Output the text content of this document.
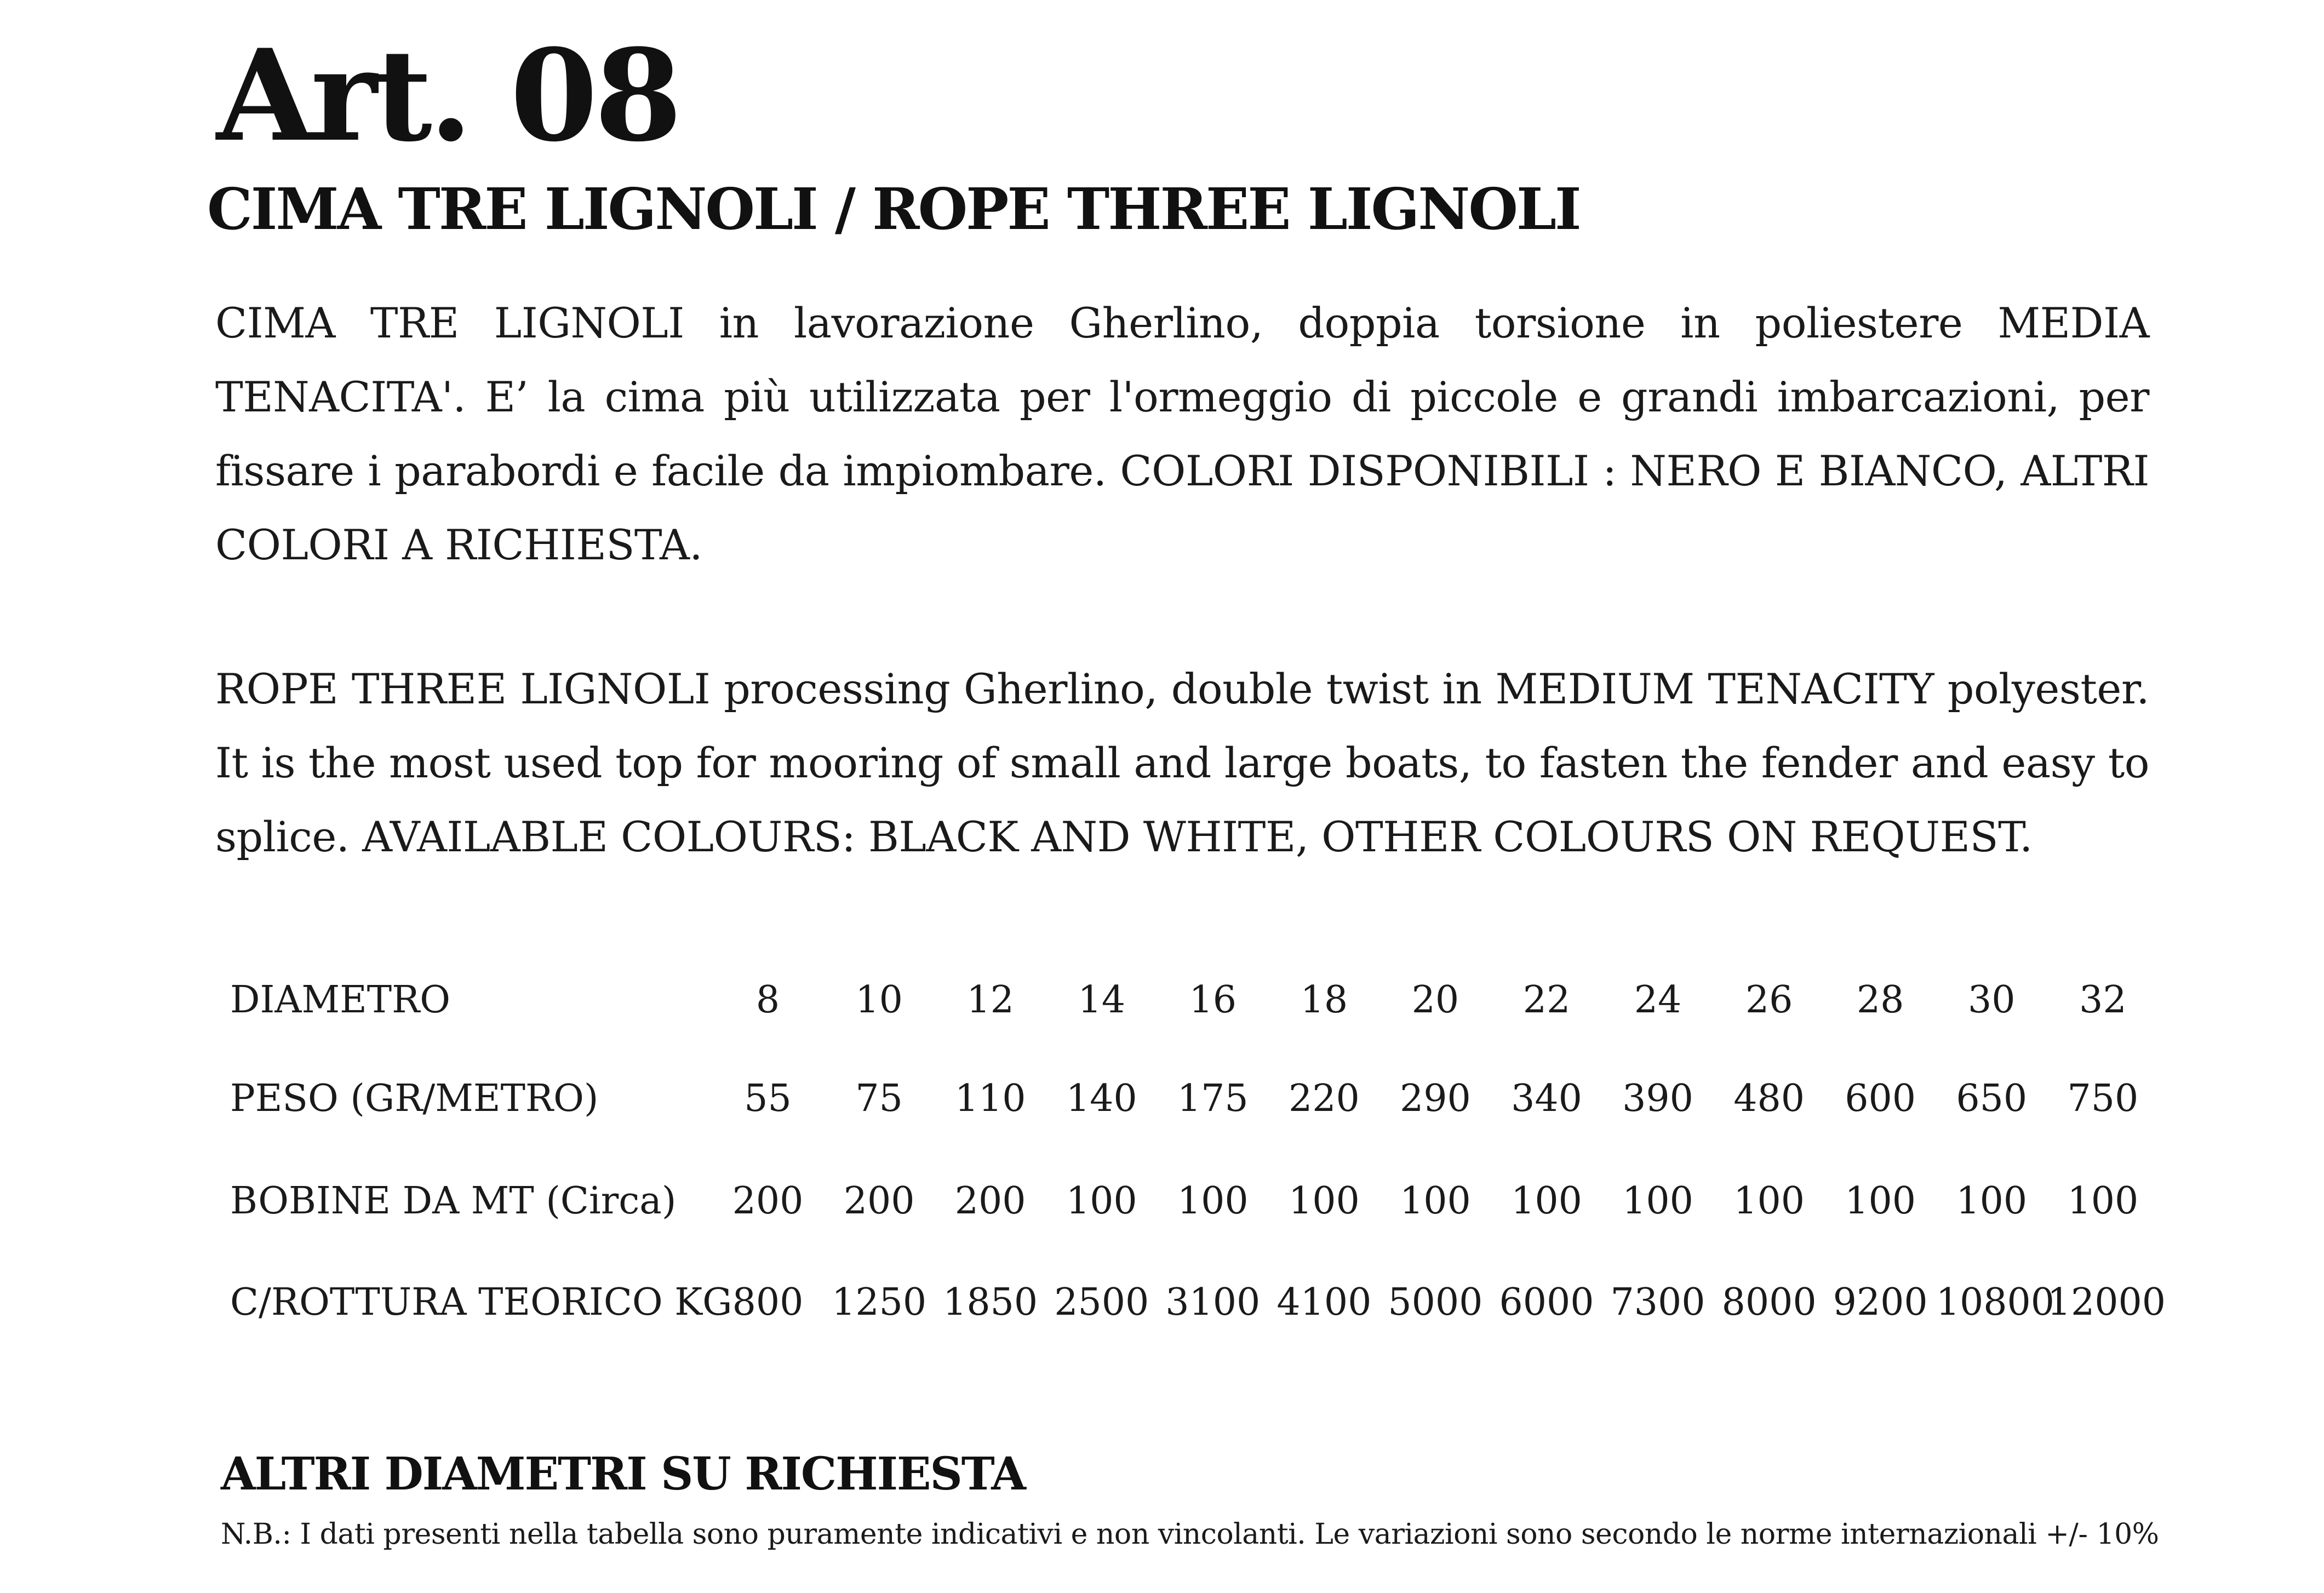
Art. 08
CIMA TRE LIGNOLI / ROPE THREE LIGNOLI

CIMA TRE LIGNOLI in lavorazione Gherlino, doppia torsione in poliestere MEDIA TENACITA'. E’ la cima più utilizzata per l'ormeggio di piccole e grandi imbarcazioni, per fissare i parabordi e facile da impiombare. COLORI DISPONIBILI : NERO E BIANCO, ALTRI COLORI A RICHIESTA.

ROPE THREE LIGNOLI processing Gherlino, double twist in MEDIUM TENACITY polyester. It is the most used top for mooring of small and large boats, to fasten the fender and easy to splice. AVAILABLE COLOURS: BLACK AND WHITE, OTHER COLOURS ON REQUEST.

DIAMETRO	8	10	12	14	16	18	20	22	24	26	28	30	32
PESO (GR/METRO)	55	75	110	140	175	220	290	340	390	480	600	650	750
BOBINE DA MT (Circa)	200	200	200	100	100	100	100	100	100	100	100	100	100
C/ROTTURA TEORICO KG	800	1250	1850	2500	3100	4100	5000	6000	7300	8000	9200	10800	12000
ALTRI DIAMETRI SU RICHIESTA

N.B.: I dati presenti nella tabella sono puramente indicativi e non vincolanti. Le variazioni sono secondo le norme internazionali +/- 10%
